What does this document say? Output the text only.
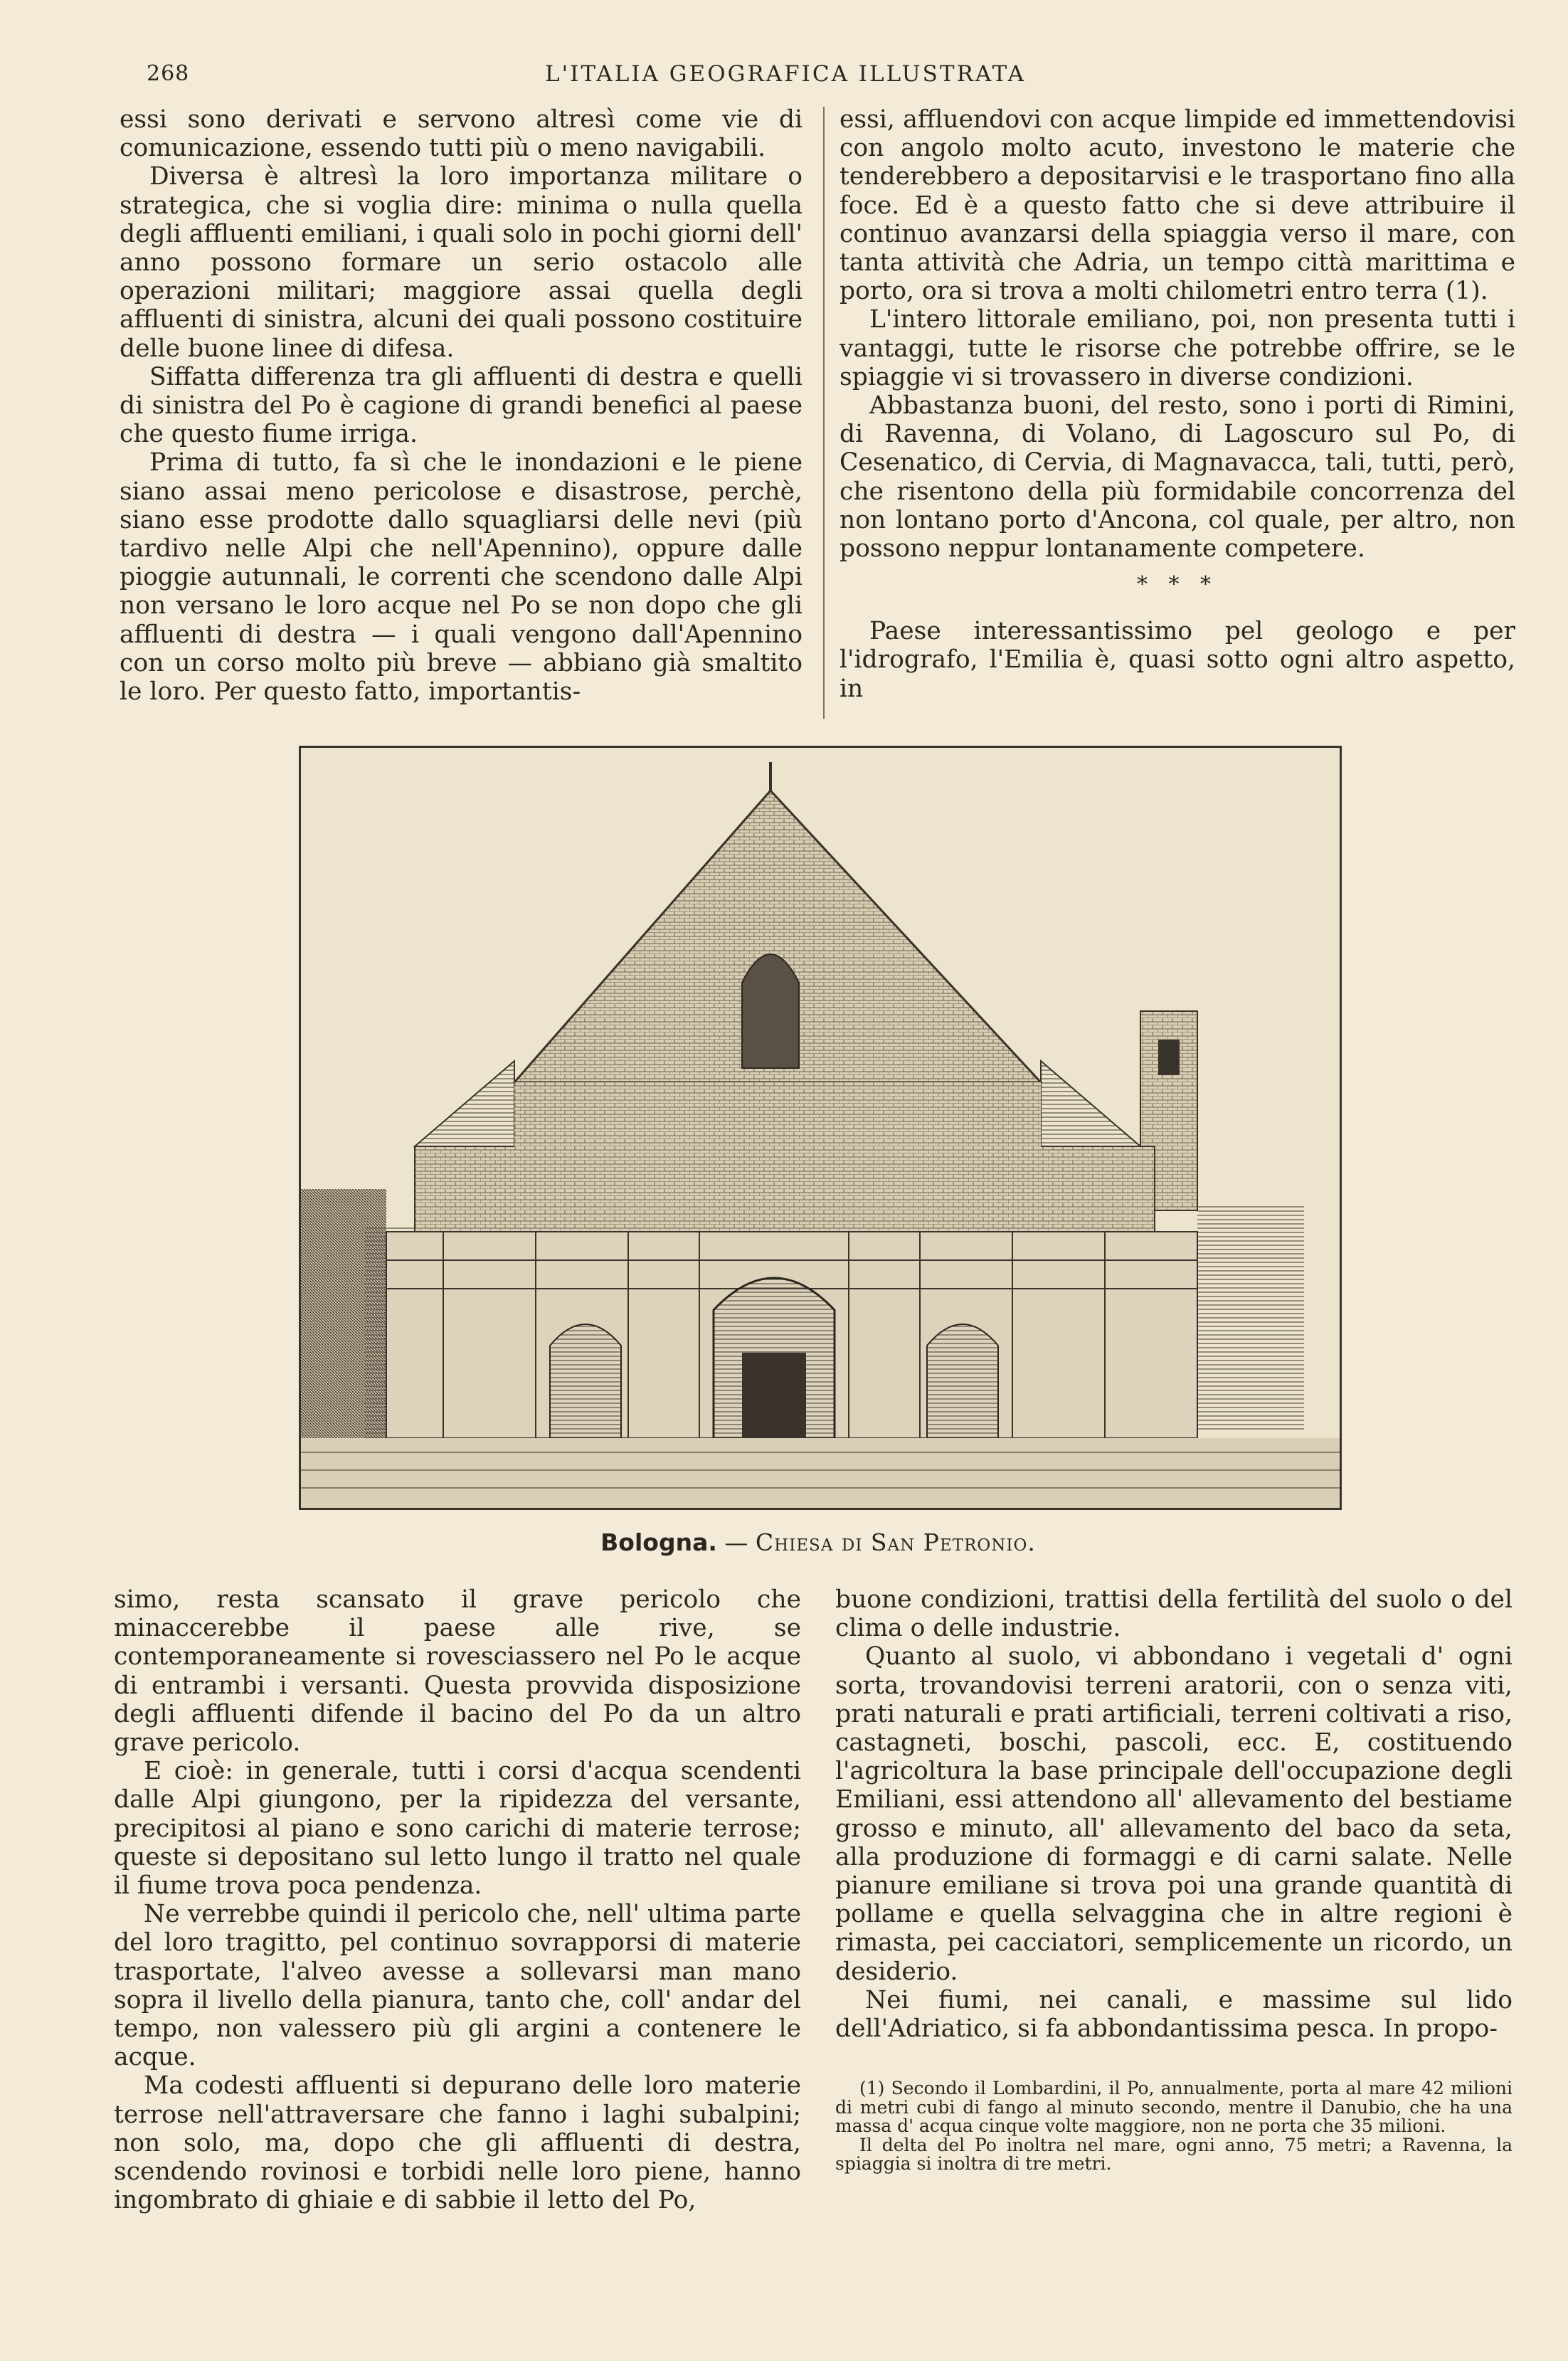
268	L'ITALIA GEOGRAFICA ILLUSTRATA

essi sono derivati e servono altresì come vie di comunicazione, essendo tutti più o meno navigabili.

Diversa è altresì la loro importanza militare o strategica, che si voglia dire: minima o nulla quella degli affluenti emiliani, i quali solo in pochi giorni dell' anno possono formare un serio ostacolo alle operazioni militari; maggiore assai quella degli affluenti di sinistra, alcuni dei quali possono costituire delle buone linee di difesa.

Siffatta differenza tra gli affluenti di destra e quelli di sinistra del Po è cagione di grandi benefici al paese che questo fiume irriga.

Prima di tutto, fa sì che le inondazioni e le piene siano assai meno pericolose e disastrose, perchè, siano esse prodotte dallo squagliarsi delle nevi (più tardivo nelle Alpi che nell'Apennino), oppure dalle pioggie autunnali, le correnti che scendono dalle Alpi non versano le loro acque nel Po se non dopo che gli affluenti di destra — i quali vengono dall'Apennino con un corso molto più breve — abbiano già smaltito le loro. Per questo fatto, importantis-

essi, affluendovi con acque limpide ed immettendovisi con angolo molto acuto, investono le materie che tenderebbero a depositarvisi e le trasportano fino alla foce. Ed è a questo fatto che si deve attribuire il continuo avanzarsi della spiaggia verso il mare, con tanta attività che Adria, un tempo città marittima e porto, ora si trova a molti chilometri entro terra (1).

L'intero littorale emiliano, poi, non presenta tutti i vantaggi, tutte le risorse che potrebbe offrire, se le spiaggie vi si trovassero in diverse condizioni.

Abbastanza buoni, del resto, sono i porti di Rimini, di Ravenna, di Volano, di Lagoscuro sul Po, di Cesenatico, di Cervia, di Magnavacca, tali, tutti, però, che risentono della più formidabile concorrenza del non lontano porto d'Ancona, col quale, per altro, non possono neppur lontanamente competere.

* * *

Paese interessantissimo pel geologo e per l'idrografo, l'Emilia è, quasi sotto ogni altro aspetto, in

Bologna. — Chiesa di San Petronio.

simo, resta scansato il grave pericolo che minaccerebbe il paese alle rive, se contemporaneamente si rovesciassero nel Po le acque di entrambi i versanti. Questa provvida disposizione degli affluenti difende il bacino del Po da un altro grave pericolo.

E cioè: in generale, tutti i corsi d'acqua scendenti dalle Alpi giungono, per la ripidezza del versante, precipitosi al piano e sono carichi di materie terrose; queste si depositano sul letto lungo il tratto nel quale il fiume trova poca pendenza.

Ne verrebbe quindi il pericolo che, nell' ultima parte del loro tragitto, pel continuo sovrapporsi di materie trasportate, l'alveo avesse a sollevarsi man mano sopra il livello della pianura, tanto che, coll' andar del tempo, non valessero più gli argini a contenere le acque.

Ma codesti affluenti si depurano delle loro materie terrose nell'attraversare che fanno i laghi subalpini; non solo, ma, dopo che gli affluenti di destra, scendendo rovinosi e torbidi nelle loro piene, hanno ingombrato di ghiaie e di sabbie il letto del Po,

buone condizioni, trattisi della fertilità del suolo o del clima o delle industrie.

Quanto al suolo, vi abbondano i vegetali d' ogni sorta, trovandovisi terreni aratorii, con o senza viti, prati naturali e prati artificiali, terreni coltivati a riso, castagneti, boschi, pascoli, ecc. E, costituendo l'agricoltura la base principale dell'occupazione degli Emiliani, essi attendono all' allevamento del bestiame grosso e minuto, all' allevamento del baco da seta, alla produzione di formaggi e di carni salate. Nelle pianure emiliane si trova poi una grande quantità di pollame e quella selvaggina che in altre regioni è rimasta, pei cacciatori, semplicemente un ricordo, un desiderio.

Nei fiumi, nei canali, e massime sul lido dell'Adriatico, si fa abbondantissima pesca. In propo-

(1) Secondo il Lombardini, il Po, annualmente, porta al mare 42 milioni di metri cubi di fango al minuto secondo, mentre il Danubio, che ha una massa d' acqua cinque volte maggiore, non ne porta che 35 milioni.

Il delta del Po inoltra nel mare, ogni anno, 75 metri; a Ravenna, la spiaggia si inoltra di tre metri.
